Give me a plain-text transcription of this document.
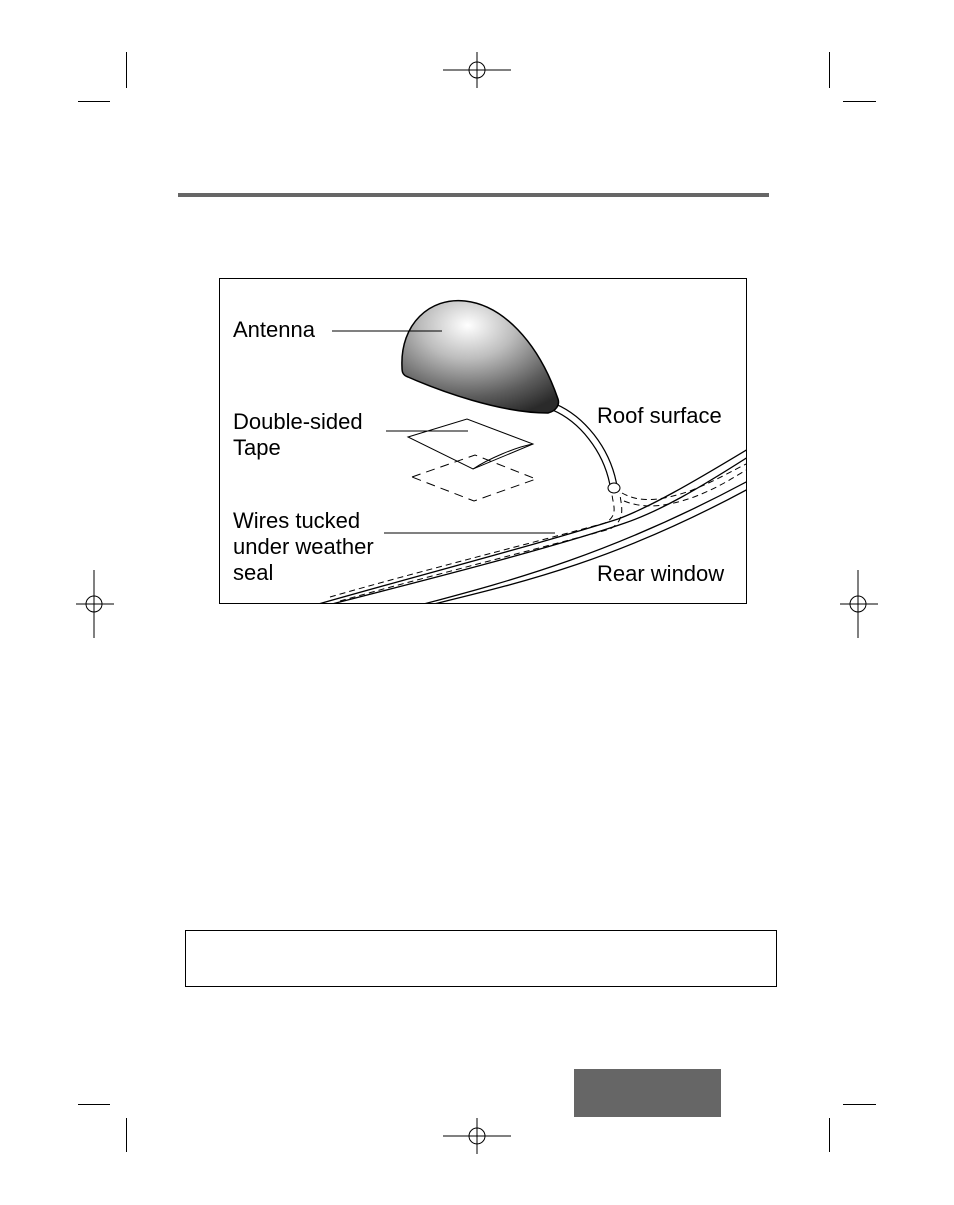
Antenna
Double-sided
Tape
Roof surface
Wires tucked
under weather
seal	Rear window
